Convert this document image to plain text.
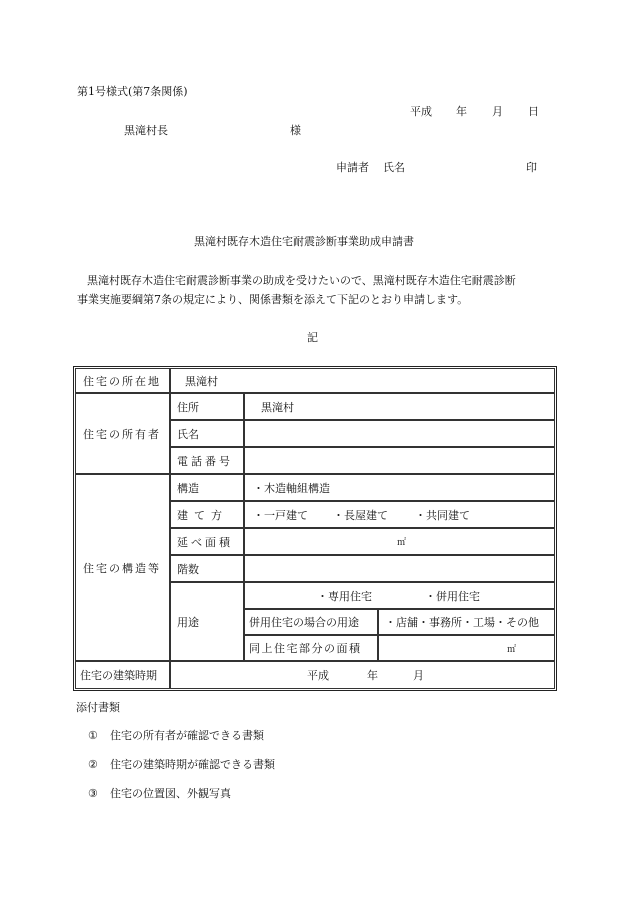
第1号様式(第7条関係)
平成 年 月 日
黒滝村長	様
申請者 氏名	印
黒滝村既存木造住宅耐震診断事業助成申請書
黒滝村既存木造住宅耐震診断事業の助成を受けたいので、黒滝村既存木造住宅耐震診断
事業実施要綱第7条の規定により、関係書類を添えて下記のとおり申請します。
記
住宅の所在地	黒滝村
住宅の所有者
住所	黒滝村
氏名
電話番号
住宅の構造等
構造	・木造軸組構造
建て方 ・一戸建て ・長屋建て ・共同建て
延べ面積	㎡
階数
用途
・専用住宅	・併用住宅
併用住宅の場合の用途	・店舗・事務所・工場・その他
同上住宅部分の面積	㎡
住宅の建築時期	平成	年	月
添付書類
① 住宅の所有者が確認できる書類
② 住宅の建築時期が確認できる書類
③ 住宅の位置図、外観写真
